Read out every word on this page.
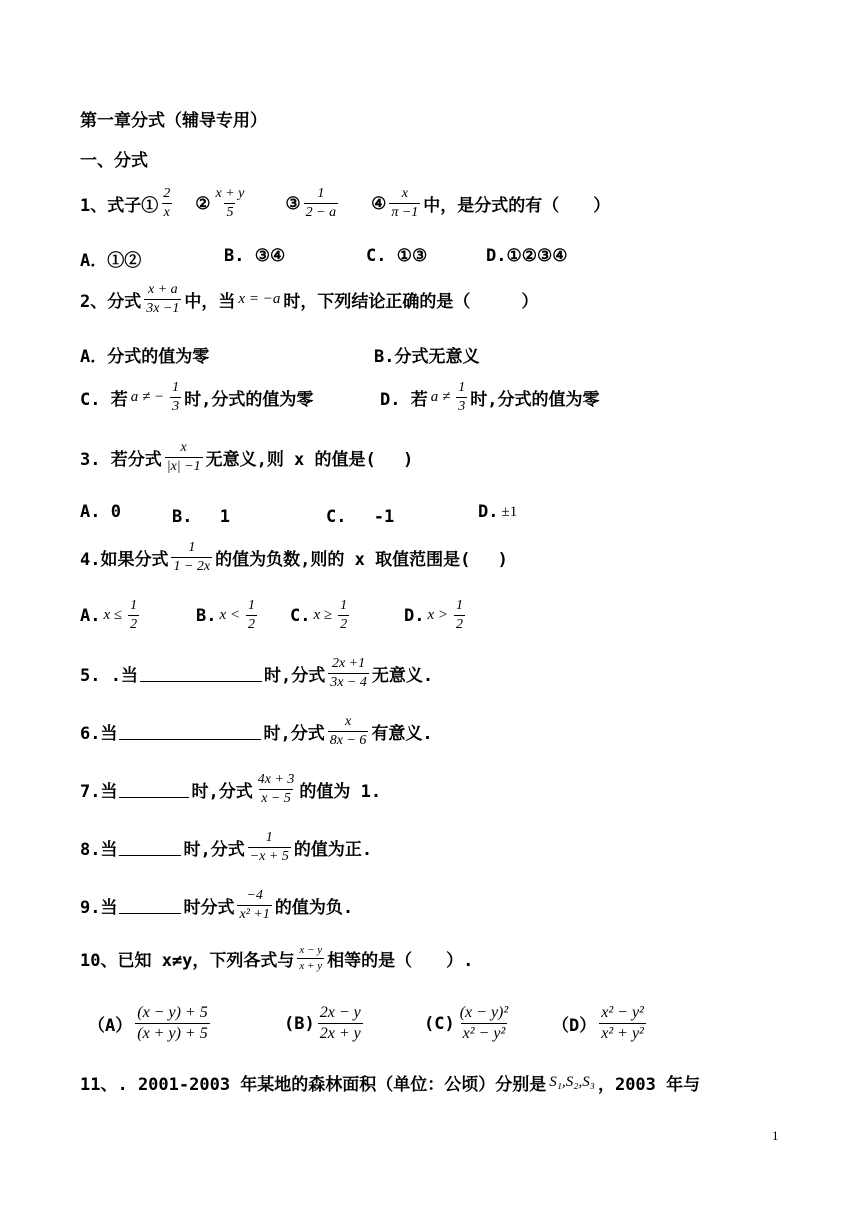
第一章分式（辅导专用）
一、分式
1、式子① $\frac{2}{x}$ ② $\frac{x + y}{5}$ ③ $\frac{1}{2 - a}$ ④ $\frac{x}{\pi -1}$ 中，是分式的有（　　）
A．①②	B. ③④	C. ①③	D.①②③④
2、分式 $\frac{x + a}{3x -1}$ 中，当 x = −a 时，下列结论正确的是（　　　）
A．分式的值为零	B.分式无意义
C. 若 a ≠ − $\frac{1}{3}$ 时,分式的值为零	D. 若 $a \ne \frac{1}{3}$ 时,分式的值为零
3. 若分式 $\frac{x}{|x| -1}$ 无意义,则 x 的值是(　 )
A. 0	B.　 1	C.　 -1	D. ±1
4.如果分式 $\frac{1}{1 - 2x}$ 的值为负数,则的 x 取值范围是(　 )
A. $x \le \frac{1}{2}$	B. $x < \frac{1}{2} C$. $x \ge \frac{1}{2}$	D. $x > \frac{1}{2}$
5. .当	时,分式 $\frac{2x +1}{3x - 4}$ 无意义.
6.当	时,分式 $\frac{x}{8x - 6}$ 有意义.
7.当	时,分式 $\frac{4x + 3}{x - 5}$ 的值为 1.
8.当	时,分式 $\frac{1}{-x + 5}$ 的值为正.
9.当	时分式 $\frac{-4}{\text{x² +1}}$ 的值为负.
10、已知 x≠y，下列各式与 $\frac{x - y}{x + y}$ 相等的是（　　）.
$(A) \frac{(x - y) + 5}{(x + y) + 5}$	$(B) \frac{2x - y}{2x + y}$	$(C) \frac{\text{(x − y)²}}{\text{x² − y²}} (D) \frac{\text{x² − y²}}{\text{x² + y²}}$
11、. 2001-2003 年某地的森林面积（单位：公顷）分别是 S₁,S₂,S₃ ，2003 年与
1
